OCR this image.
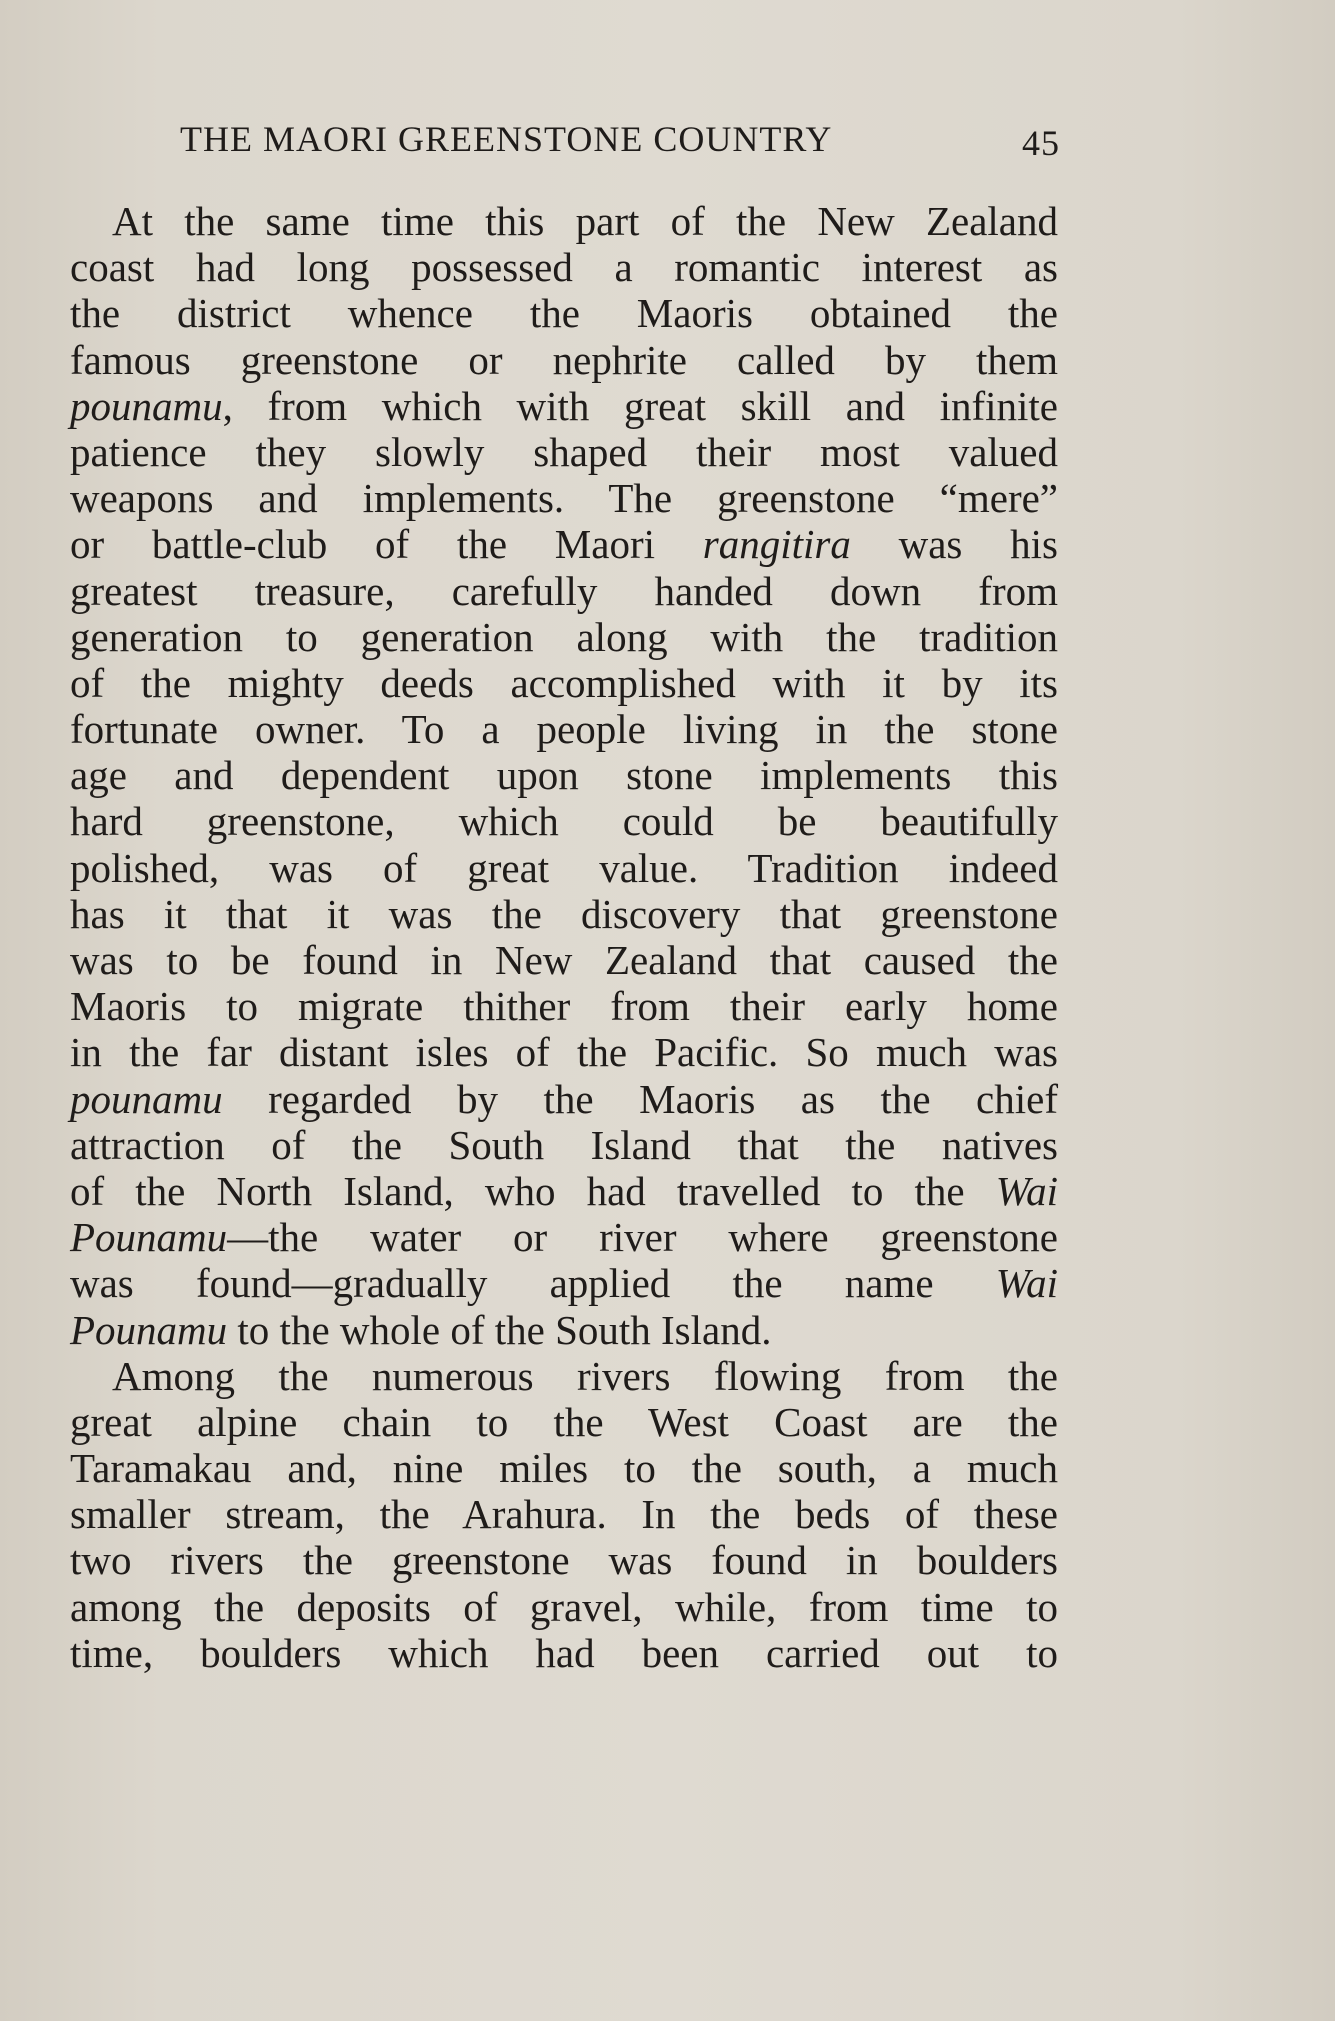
THE MAORI GREENSTONE COUNTRY	45
At the same time this part of the New Zealand
coast had long possessed a romantic interest as
the district whence the Maoris obtained the
famous greenstone or nephrite called by them
pounamu, from which with great skill and infinite
patience they slowly shaped their most valued
weapons and implements. The greenstone “mere”
or battle-club of the Maori rangitira was his
greatest treasure, carefully handed down from
generation to generation along with the tradition
of the mighty deeds accomplished with it by its
fortunate owner. To a people living in the stone
age and dependent upon stone implements this
hard greenstone, which could be beautifully
polished, was of great value. Tradition indeed
has it that it was the discovery that greenstone
was to be found in New Zealand that caused the
Maoris to migrate thither from their early home
in the far distant isles of the Pacific. So much was
pounamu regarded by the Maoris as the chief
attraction of the South Island that the natives
of the North Island, who had travelled to the Wai
Pounamu—the water or river where greenstone
was found—gradually applied the name Wai
Pounamu to the whole of the South Island.
Among the numerous rivers flowing from the
great alpine chain to the West Coast are the
Taramakau and, nine miles to the south, a much
smaller stream, the Arahura. In the beds of these
two rivers the greenstone was found in boulders
among the deposits of gravel, while, from time to
time, boulders which had been carried out to
